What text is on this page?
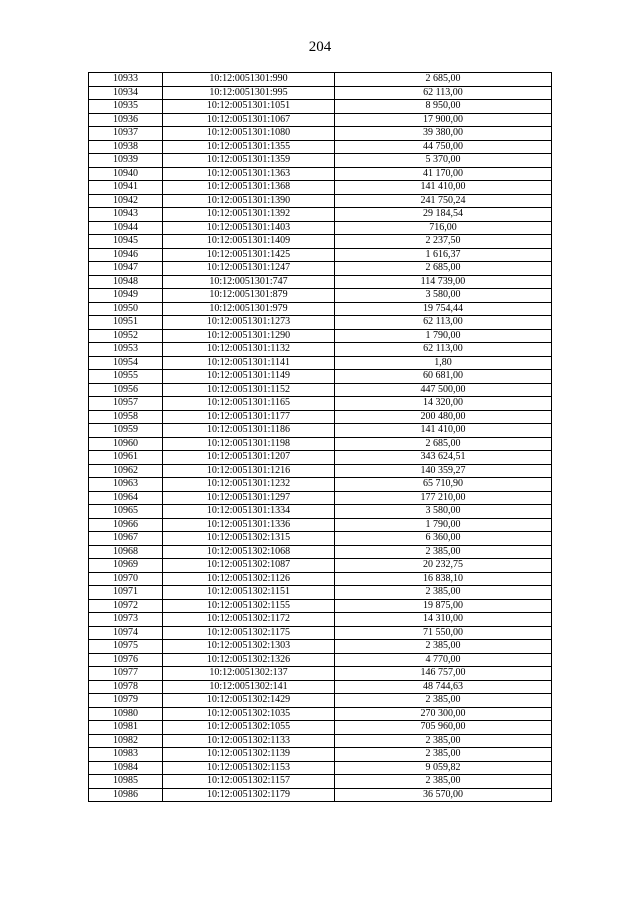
204
10933	10:12:0051301:990	2 685,00
10934	10:12:0051301:995	62 113,00
10935	10:12:0051301:1051	8 950,00
10936	10:12:0051301:1067	17 900,00
10937	10:12:0051301:1080	39 380,00
10938	10:12:0051301:1355	44 750,00
10939	10:12:0051301:1359	5 370,00
10940	10:12:0051301:1363	41 170,00
10941	10:12:0051301:1368	141 410,00
10942	10:12:0051301:1390	241 750,24
10943	10:12:0051301:1392	29 184,54
10944	10:12:0051301:1403	716,00
10945	10:12:0051301:1409	2 237,50
10946	10:12:0051301:1425	1 616,37
10947	10:12:0051301:1247	2 685,00
10948	10:12:0051301:747	114 739,00
10949	10:12:0051301:879	3 580,00
10950	10:12:0051301:979	19 754,44
10951	10:12:0051301:1273	62 113,00
10952	10:12:0051301:1290	1 790,00
10953	10:12:0051301:1132	62 113,00
10954	10:12:0051301:1141	1,80
10955	10:12:0051301:1149	60 681,00
10956	10:12:0051301:1152	447 500,00
10957	10:12:0051301:1165	14 320,00
10958	10:12:0051301:1177	200 480,00
10959	10:12:0051301:1186	141 410,00
10960	10:12:0051301:1198	2 685,00
10961	10:12:0051301:1207	343 624,51
10962	10:12:0051301:1216	140 359,27
10963	10:12:0051301:1232	65 710,90
10964	10:12:0051301:1297	177 210,00
10965	10:12:0051301:1334	3 580,00
10966	10:12:0051301:1336	1 790,00
10967	10:12:0051302:1315	6 360,00
10968	10:12:0051302:1068	2 385,00
10969	10:12:0051302:1087	20 232,75
10970	10:12:0051302:1126	16 838,10
10971	10:12:0051302:1151	2 385,00
10972	10:12:0051302:1155	19 875,00
10973	10:12:0051302:1172	14 310,00
10974	10:12:0051302:1175	71 550,00
10975	10:12:0051302:1303	2 385,00
10976	10:12:0051302:1326	4 770,00
10977	10:12:0051302:137	146 757,00
10978	10:12:0051302:141	48 744,63
10979	10:12:0051302:1429	2 385,00
10980	10:12:0051302:1035	270 300,00
10981	10:12:0051302:1055	705 960,00
10982	10:12:0051302:1133	2 385,00
10983	10:12:0051302:1139	2 385,00
10984	10:12:0051302:1153	9 059,82
10985	10:12:0051302:1157	2 385,00
10986	10:12:0051302:1179	36 570,00
